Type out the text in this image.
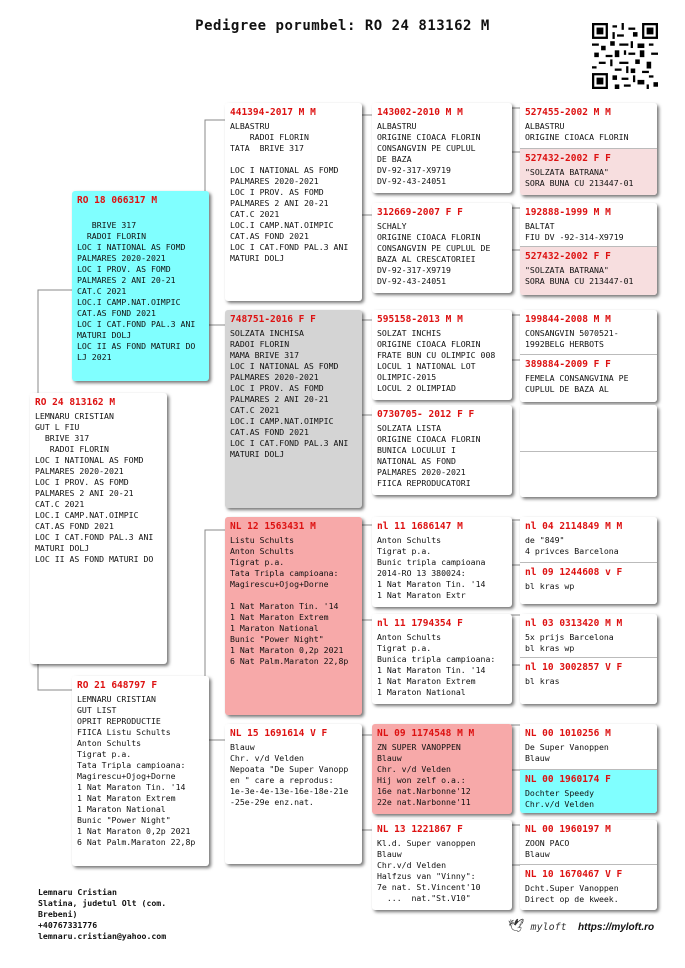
Pedigree porumbel: RO 24 813162 M
RO 24 813162 M
LEMNARU CRISTIAN
GUT L FIU
BRIVE 317
RADOI FLORIN
LOC I NATIONAL AS FOMD
PALMARES 2020-2021
LOC I PROV. AS FOMD
PALMARES 2 ANI 20-21
CAT.C 2021
LOC.I CAMP.NAT.OIMPIC
CAT.AS FOND 2021
LOC I CAT.FOND PAL.3 ANI
MATURI DOLJ
LOC II AS FOND MATURI DO
RO 18 066317 M

BRIVE 317
RADOI FLORIN
LOC I NATIONAL AS FOMD
PALMARES 2020-2021
LOC I PROV. AS FOMD
PALMARES 2 ANI 20-21
CAT.C 2021
LOC.I CAMP.NAT.OIMPIC
CAT.AS FOND 2021
LOC I CAT.FOND PAL.3 ANI
MATURI DOLJ
LOC II AS FOND MATURI DO
LJ 2021
RO 21 648797 F
LEMNARU CRISTIAN
GUT LIST
OPRIT REPRODUCTIE
FIICA Listu Schults
Anton Schults
Tigrat p.a.
Tata Tripla campioana:
Magirescu+Ojog+Dorne
1 Nat Maraton Tin. '14
1 Nat Maraton Extrem
1 Maraton National
Bunic "Power Night"
1 Nat Maraton 0,2p 2021
6 Nat Palm.Maraton 22,8p
441394-2017 M M
ALBASTRU
RADOI FLORIN
TATA  BRIVE 317

LOC I NATIONAL AS FOMD
PALMARES 2020-2021
LOC I PROV. AS FOMD
PALMARES 2 ANI 20-21
CAT.C 2021
LOC.I CAMP.NAT.OIMPIC
CAT.AS FOND 2021
LOC I CAT.FOND PAL.3 ANI
MATURI DOLJ
748751-2016 F F
SOLZATA INCHISA
RADOI FLORIN
MAMA BRIVE 317
LOC I NATIONAL AS FOMD
PALMARES 2020-2021
LOC I PROV. AS FOMD
PALMARES 2 ANI 20-21
CAT.C 2021
LOC.I CAMP.NAT.OIMPIC
CAT.AS FOND 2021
LOC I CAT.FOND PAL.3 ANI
MATURI DOLJ
NL 12 1563431 M
Listu Schults
Anton Schults
Tigrat p.a.
Tata Tripla campioana:
Magirescu+Ojog+Dorne

1 Nat Maraton Tin. '14
1 Nat Maraton Extrem
1 Maraton National
Bunic "Power Night"
1 Nat Maraton 0,2p 2021
6 Nat Palm.Maraton 22,8p
NL 15 1691614 V F
Blauw
Chr. v/d Velden
Nepoata "De Super Vanopp
en " care a reprodus:
1e-3e-4e-13e-16e-18e-21e
-25e-29e enz.nat.
143002-2010 M M
ALBASTRU
ORIGINE CIOACA FLORIN
CONSANGVIN PE CUPLUL
DE BAZA
DV-92-317-X9719
DV-92-43-24051
312669-2007 F F
SCHALY
ORIGINE CIOACA FLORIN
CONSANGVIN PE CUPLUL DE
BAZA AL CRESCATORIEI
DV-92-317-X9719
DV-92-43-24051
595158-2013 M M
SOLZAT INCHIS
ORIGINE CIOACA FLORIN
FRATE BUN CU OLIMPIC 008
LOCUL 1 NATIONAL LOT
OLIMPIC-2015
LOCUL 2 OLIMPIAD
0730705- 2012 F F
SOLZATA LISTA
ORIGINE CIOACA FLORIN
BUNICA LOCULUI I
NATIONAL AS FOND
PALMARES 2020-2021
FIICA REPRODUCATORI
nl 11 1686147 M
Anton Schults
Tigrat p.a.
Bunic tripla campioana
2014-RO 13 380024:
1 Nat Maraton Tin. '14
1 Nat Maraton Extr
nl 11 1794354 F
Anton Schults
Tigrat p.a.
Bunica tripla campioana:
1 Nat Maraton Tin. '14
1 Nat Maraton Extrem
1 Maraton National
NL 09 1174548 M M
ZN SUPER VANOPPEN
Blauw
Chr. v/d Velden
Hij won zelf o.a.:
16e nat.Narbonne'12
22e nat.Narbonne'11
NL 13 1221867 F
Kl.d. Super vanoppen
Blauw
Chr.v/d Velden
Halfzus van "Vinny":
7e nat. St.Vincent'10
...  nat."St.V10"
527455-2002 M M
ALBASTRU
ORIGINE CIOACA FLORIN
527432-2002 F F
"SOLZATA BATRANA"
SORA BUNA CU 213447-01
192888-1999 M M
BALTAT
FIU DV -92-314-X9719
527432-2002 F F
"SOLZATA BATRANA"
SORA BUNA CU 213447-01
199844-2008 M M
CONSANGVIN 5070521-
1992BELG HERBOTS
389884-2009 F F
FEMELA CONSANGVINA PE
CUPLUL DE BAZA AL
nl 04 2114849 M M
de "849"
4 privces Barcelona
nl 09 1244608 v F
bl kras wp
nl 03 0313420 M M
5x prijs Barcelona
bl kras wp
nl 10 3002857 V F
bl kras
NL 00 1010256 M
De Super Vanoppen
Blauw
NL 00 1960174 F
Dochter Speedy
Chr.v/d Velden
NL 00 1960197 M
ZOON PACO
Blauw
NL 10 1670467 V F
Dcht.Super Vanoppen
Direct op de kweek.
Lemnaru Cristian
Slatina, judetul Olt (com.
Brebeni)
+40767331776
lemnaru.cristian@yahoo.com
🕊 myloft https://myloft.ro
